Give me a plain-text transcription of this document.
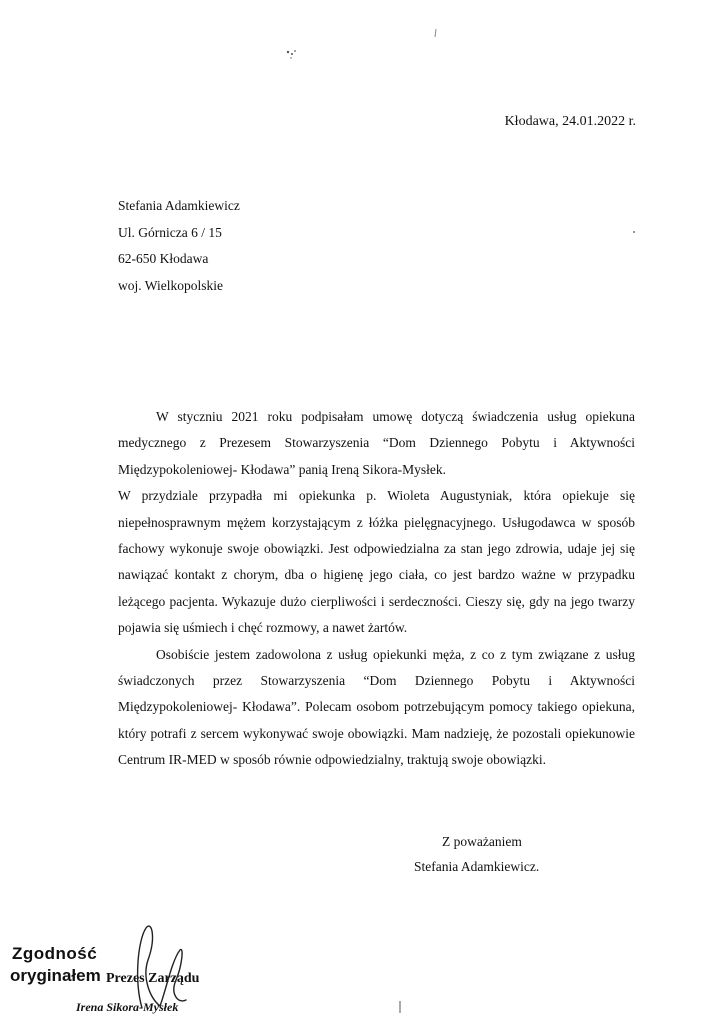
Kłodawa, 24.01.2022 r.
Stefania Adamkiewicz
Ul. Górnicza 6 / 15
62-650 Kłodawa
woj. Wielkopolskie

W styczniu 2021 roku podpisałam umowę dotyczą świadczenia usług opiekuna medycznego z Prezesem Stowarzyszenia “Dom Dziennego Pobytu i Aktywności Międzypokoleniowej- Kłodawa” panią Ireną Sikora-Mysłek.

W przydziale przypadła mi opiekunka p. Wioleta Augustyniak, która opiekuje się niepełnosprawnym mężem korzystającym z łóżka pielęgnacyjnego. Usługodawca w sposób fachowy wykonuje swoje obowiązki. Jest odpowiedzialna za stan jego zdrowia, udaje jej się nawiązać kontakt z chorym, dba o higienę jego ciała, co jest bardzo ważne w przypadku leżącego pacjenta. Wykazuje dużo cierpliwości i serdeczności. Cieszy się, gdy na jego twarzy pojawia się uśmiech i chęć rozmowy, a nawet żartów.

Osobiście jestem zadowolona z usług opiekunki męża, z co z tym związane z usług świadczonych przez Stowarzyszenia “Dom Dziennego Pobytu i Aktywności Międzypokoleniowej- Kłodawa”. Polecam osobom potrzebującym pomocy takiego opiekuna, który potrafi z sercem wykonywać swoje obowiązki. Mam nadzieję, że pozostali opiekunowie Centrum IR-MED w sposób równie odpowiedzialny, traktują swoje obowiązki.

Z poważaniem
Stefania Adamkiewicz.
Zgodność
oryginałem Prezes Zarządu
Irena Sikora-Mysłek
